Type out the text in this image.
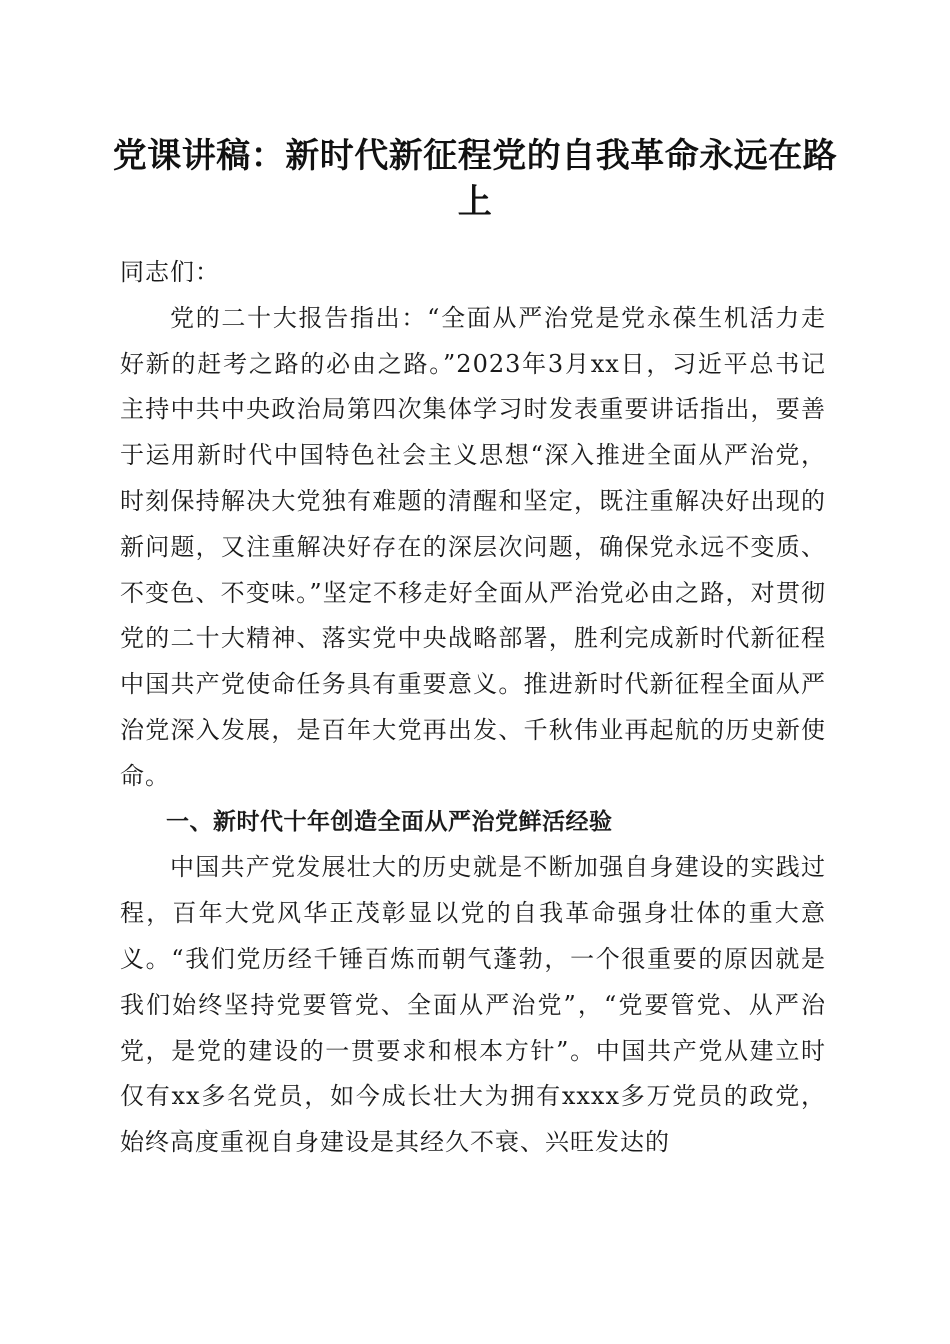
党课讲稿：新时代新征程党的自我革命永远在路上

同志们：

党的二十大报告指出：“全面从严治党是党永葆生机活力走好新的赶考之路的必由之路。”2023年3月xx日，习近平总书记主持中共中央政治局第四次集体学习时发表重要讲话指出，要善于运用新时代中国特色社会主义思想“深入推进全面从严治党，时刻保持解决大党独有难题的清醒和坚定，既注重解决好出现的新问题，又注重解决好存在的深层次问题，确保党永远不变质、不变色、不变味。”坚定不移走好全面从严治党必由之路，对贯彻党的二十大精神、落实党中央战略部署，胜利完成新时代新征程中国共产党使命任务具有重要意义。推进新时代新征程全面从严治党深入发展，是百年大党再出发、千秋伟业再起航的历史新使命。

一、新时代十年创造全面从严治党鲜活经验

中国共产党发展壮大的历史就是不断加强自身建设的实践过程，百年大党风华正茂彰显以党的自我革命强身壮体的重大意义。“我们党历经千锤百炼而朝气蓬勃，一个很重要的原因就是我们始终坚持党要管党、全面从严治党”，“党要管党、从严治党，是党的建设的一贯要求和根本方针”。中国共产党从建立时仅有xx多名党员，如今成长壮大为拥有xxxx多万党员的政党，始终高度重视自身建设是其经久不衰、兴旺发达的
